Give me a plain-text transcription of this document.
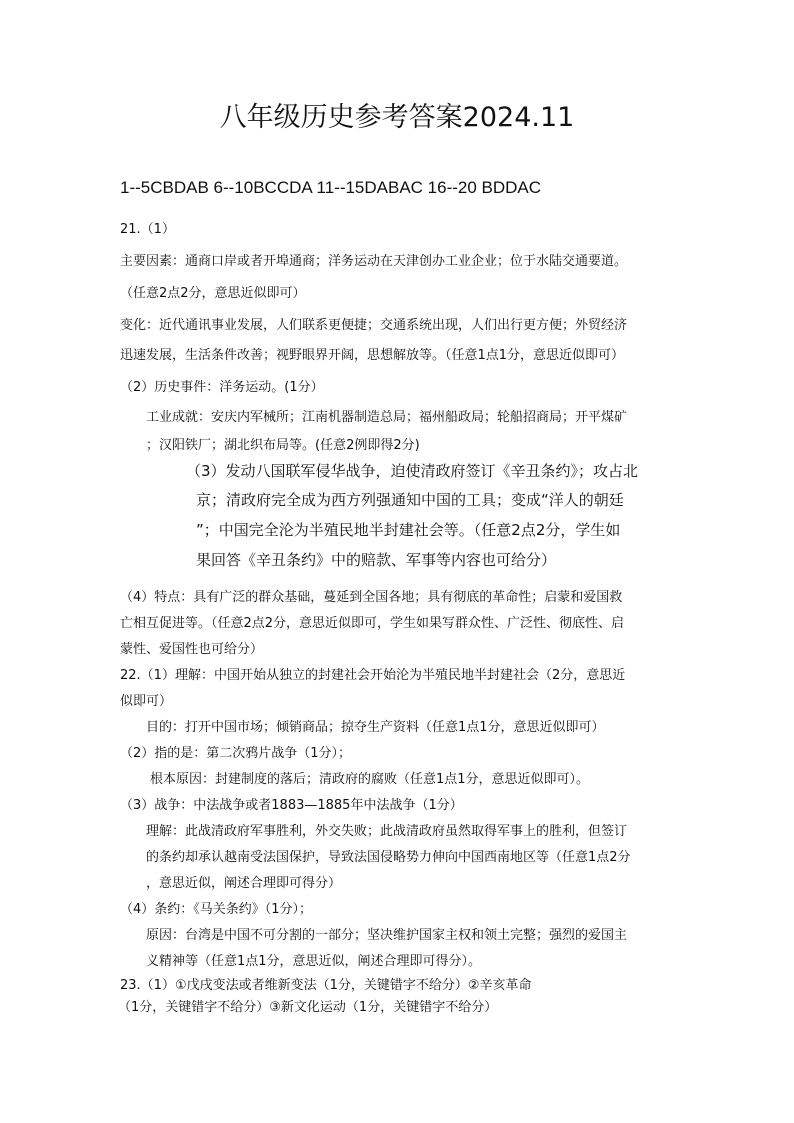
八年级历史参考答案2024.11
1--5CBDAB 6--10BCCDA 11--15DABAC 16--20 BDDAC
21.（1）
主要因素：通商口岸或者开埠通商；洋务运动在天津创办工业企业；位于水陆交通要道。
（任意2点2分，意思近似即可）
变化：近代通讯事业发展，人们联系更便捷；交通系统出现，人们出行更方便；外贸经济
迅速发展，生活条件改善；视野眼界开阔，思想解放等。（任意1点1分，意思近似即可）
（2）历史事件：洋务运动。(1分）
工业成就：安庆内军械所；江南机器制造总局；福州船政局；轮船招商局；开平煤矿
；汉阳铁厂；湖北织布局等。(任意2例即得2分)
（3）发动八国联军侵华战争，迫使清政府签订《辛丑条约》；攻占北
京；清政府完全成为西方列强通知中国的工具；变成“洋人的朝廷
”；中国完全沦为半殖民地半封建社会等。（任意2点2分，学生如
果回答《辛丑条约》中的赔款、军事等内容也可给分）
（4）特点：具有广泛的群众基础，蔓延到全国各地；具有彻底的革命性；启蒙和爱国救
亡相互促进等。（任意2点2分，意思近似即可，学生如果写群众性、广泛性、彻底性、启
蒙性、爱国性也可给分）
22.（1）理解：中国开始从独立的封建社会开始沦为半殖民地半封建社会（2分，意思近
似即可）
目的：打开中国市场；倾销商品；掠夺生产资料（任意1点1分，意思近似即可）
（2）指的是：第二次鸦片战争（1分）；
根本原因：封建制度的落后；清政府的腐败（任意1点1分，意思近似即可）。
（3）战争：中法战争或者1883—1885年中法战争（1分）
理解：此战清政府军事胜利，外交失败；此战清政府虽然取得军事上的胜利，但签订
的条约却承认越南受法国保护，导致法国侵略势力伸向中国西南地区等（任意1点2分
，意思近似，阐述合理即可得分）
（4）条约：《马关条约》（1分）；
原因：台湾是中国不可分割的一部分；坚决维护国家主权和领土完整；强烈的爱国主
义精神等（任意1点1分，意思近似，阐述合理即可得分）。
23.（1）①戊戌变法或者维新变法（1分，关键错字不给分）②辛亥革命
（1分，关键错字不给分）③新文化运动（1分，关键错字不给分）
